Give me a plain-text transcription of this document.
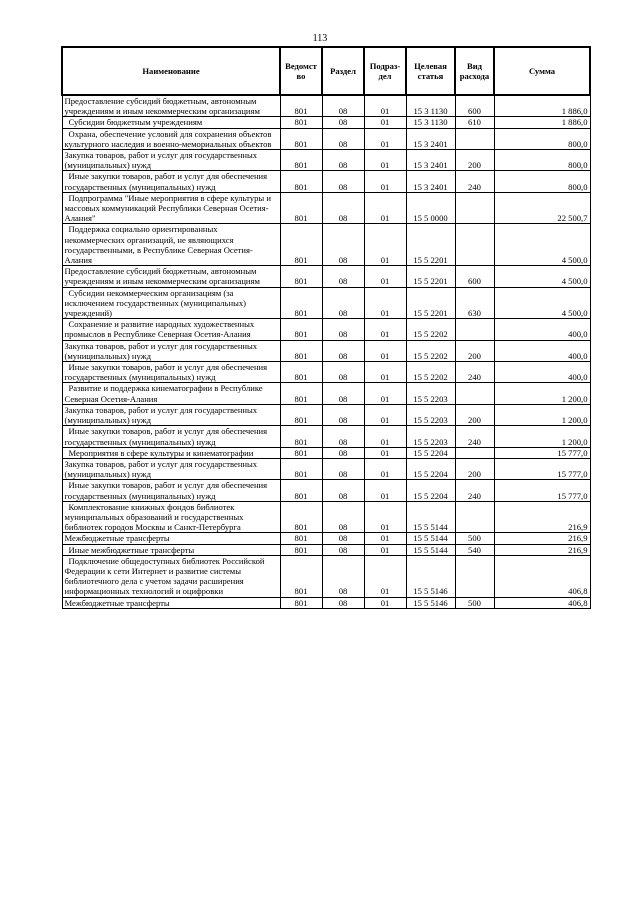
113
Наименование	Ведомст во	Раздел	Подраз- дел	Целевая статья	Вид расхода	Сумма
Предоставление субсидий бюджетным, автономным учреждениям и иным некоммерческим организациям	801	08	01	15 3 1130	600	1 886,0
Субсидии бюджетным учреждениям	801	08	01	15 3 1130	610	1 886,0
Охрана, обеспечение условий для сохранения объектов культурного наследия и военно-мемориальных объектов	801	08	01	15 3 2401		800,0
Закупка товаров, работ и услуг для государственных (муниципальных) нужд	801	08	01	15 3 2401	200	800,0
Иные закупки товаров, работ и услуг для обеспечения государственных (муниципальных) нужд	801	08	01	15 3 2401	240	800,0
Подпрограмма "Иные мероприятия в сфере культуры и массовых коммуникаций Республики Северная Осетия-Алания"	801	08	01	15 5 0000		22 500,7
Поддержка социально ориентированных некоммерческих организаций, не являющихся государственными, в Республике Северная Осетия-Алания	801	08	01	15 5 2201		4 500,0
Предоставление субсидий бюджетным, автономным учреждениям и иным некоммерческим организациям	801	08	01	15 5 2201	600	4 500,0
Субсидии некоммерческим организациям (за исключением государственных (муниципальных) учреждений)	801	08	01	15 5 2201	630	4 500,0
Сохранение и развитие народных художественных промыслов в Республике Северная Осетия-Алания	801	08	01	15 5 2202		400,0
Закупка товаров, работ и услуг для государственных (муниципальных) нужд	801	08	01	15 5 2202	200	400,0
Иные закупки товаров, работ и услуг для обеспечения государственных (муниципальных) нужд	801	08	01	15 5 2202	240	400,0
Развитие и поддержка кинематографии в Республике Северная Осетия-Алания	801	08	01	15 5 2203		1 200,0
Закупка товаров, работ и услуг для государственных (муниципальных) нужд	801	08	01	15 5 2203	200	1 200,0
Иные закупки товаров, работ и услуг для обеспечения государственных (муниципальных) нужд	801	08	01	15 5 2203	240	1 200,0
Мероприятия в сфере культуры и кинематографии	801	08	01	15 5 2204		15 777,0
Закупка товаров, работ и услуг для государственных (муниципальных) нужд	801	08	01	15 5 2204	200	15 777,0
Иные закупки товаров, работ и услуг для обеспечения государственных (муниципальных) нужд	801	08	01	15 5 2204	240	15 777,0
Комплектование книжных фондов библиотек муниципальных образований и государственных библиотек городов Москвы и Санкт-Петербурга	801	08	01	15 5 5144		216,9
Межбюджетные трансферты	801	08	01	15 5 5144	500	216,9
Иные межбюджетные трансферты	801	08	01	15 5 5144	540	216,9
Подключение общедоступных библиотек Российской Федерации к сети Интернет и развитие системы библиотечного дела с учетом задачи расширения информационных технологий и оцифровки	801	08	01	15 5 5146		406,8
Межбюджетные трансферты	801	08	01	15 5 5146	500	406,8
